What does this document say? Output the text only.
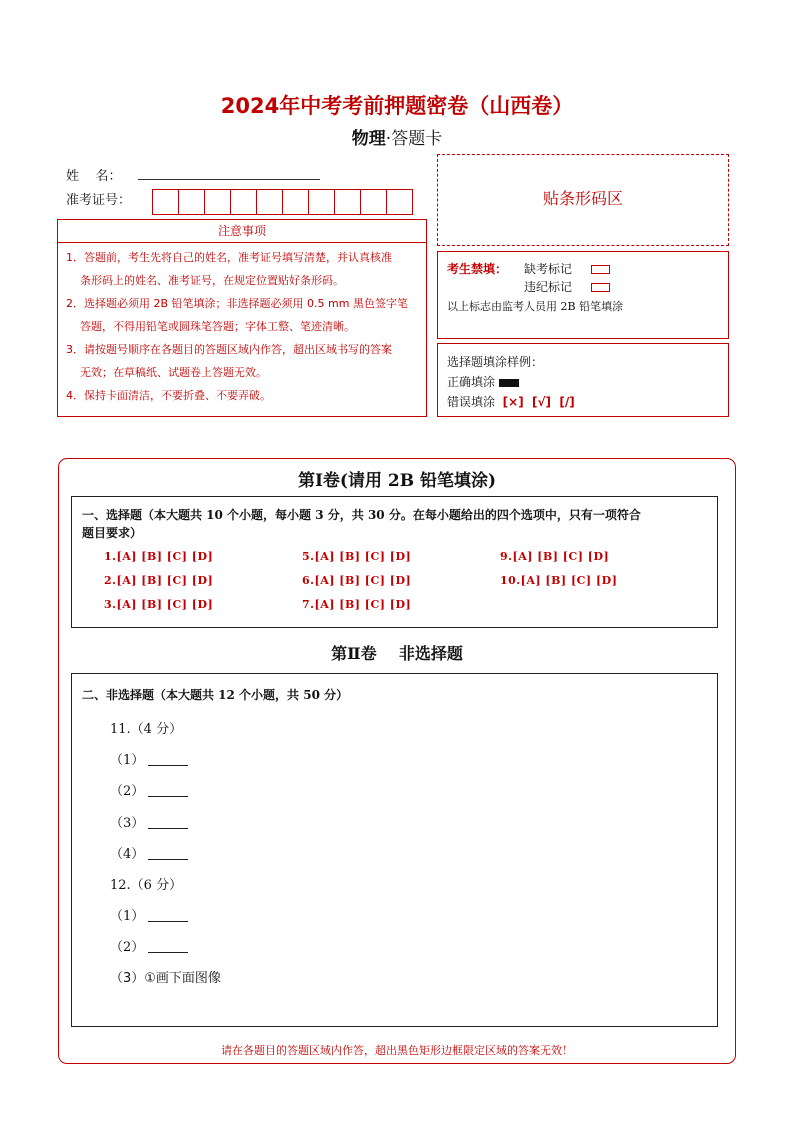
2024年中考考前押题密卷（山西卷）
物理·答题卡
姓    名：
准考证号：
注意事项
1．答题前，考生先将自己的姓名，准考证号填写清楚，并认真核准
条形码上的姓名、准考证号，在规定位置贴好条形码。
2．选择题必须用 2B 铅笔填涂；非选择题必须用 0.5 mm 黑色签字笔
答题，不得用铅笔或圆珠笔答题；字体工整、笔迹清晰。
3．请按题号顺序在各题目的答题区域内作答，超出区域书写的答案
无效；在草稿纸、试题卷上答题无效。
4．保持卡面清洁，不要折叠、不要弄破。
贴条形码区
考生禁填： 缺考标记
违纪标记
以上标志由监考人员用 2B 铅笔填涂
选择题填涂样例：
正确填涂
错误填涂 [×]  [√]  [/]
第Ⅰ卷(请用 2B 铅笔填涂)
一、选择题（本大题共 10 个小题，每小题 3 分，共 30 分。在每小题给出的四个选项中，只有一项符合
题目要求）
1.[A] [B] [C] [D]
2.[A] [B] [C] [D]
3.[A] [B] [C] [D]
5.[A] [B] [C] [D]
6.[A] [B] [C] [D]
7.[A] [B] [C] [D]
9.[A] [B] [C] [D]
10.[A] [B] [C] [D]
第Ⅱ卷    非选择题
二、非选择题（本大题共 12 个小题，共 50 分）
11.（4 分）
（1）
（2）
（3）
（4）
12.（6 分）
（1）
（2）
（3）①画下面图像
请在各题目的答题区域内作答，超出黑色矩形边框限定区域的答案无效！
